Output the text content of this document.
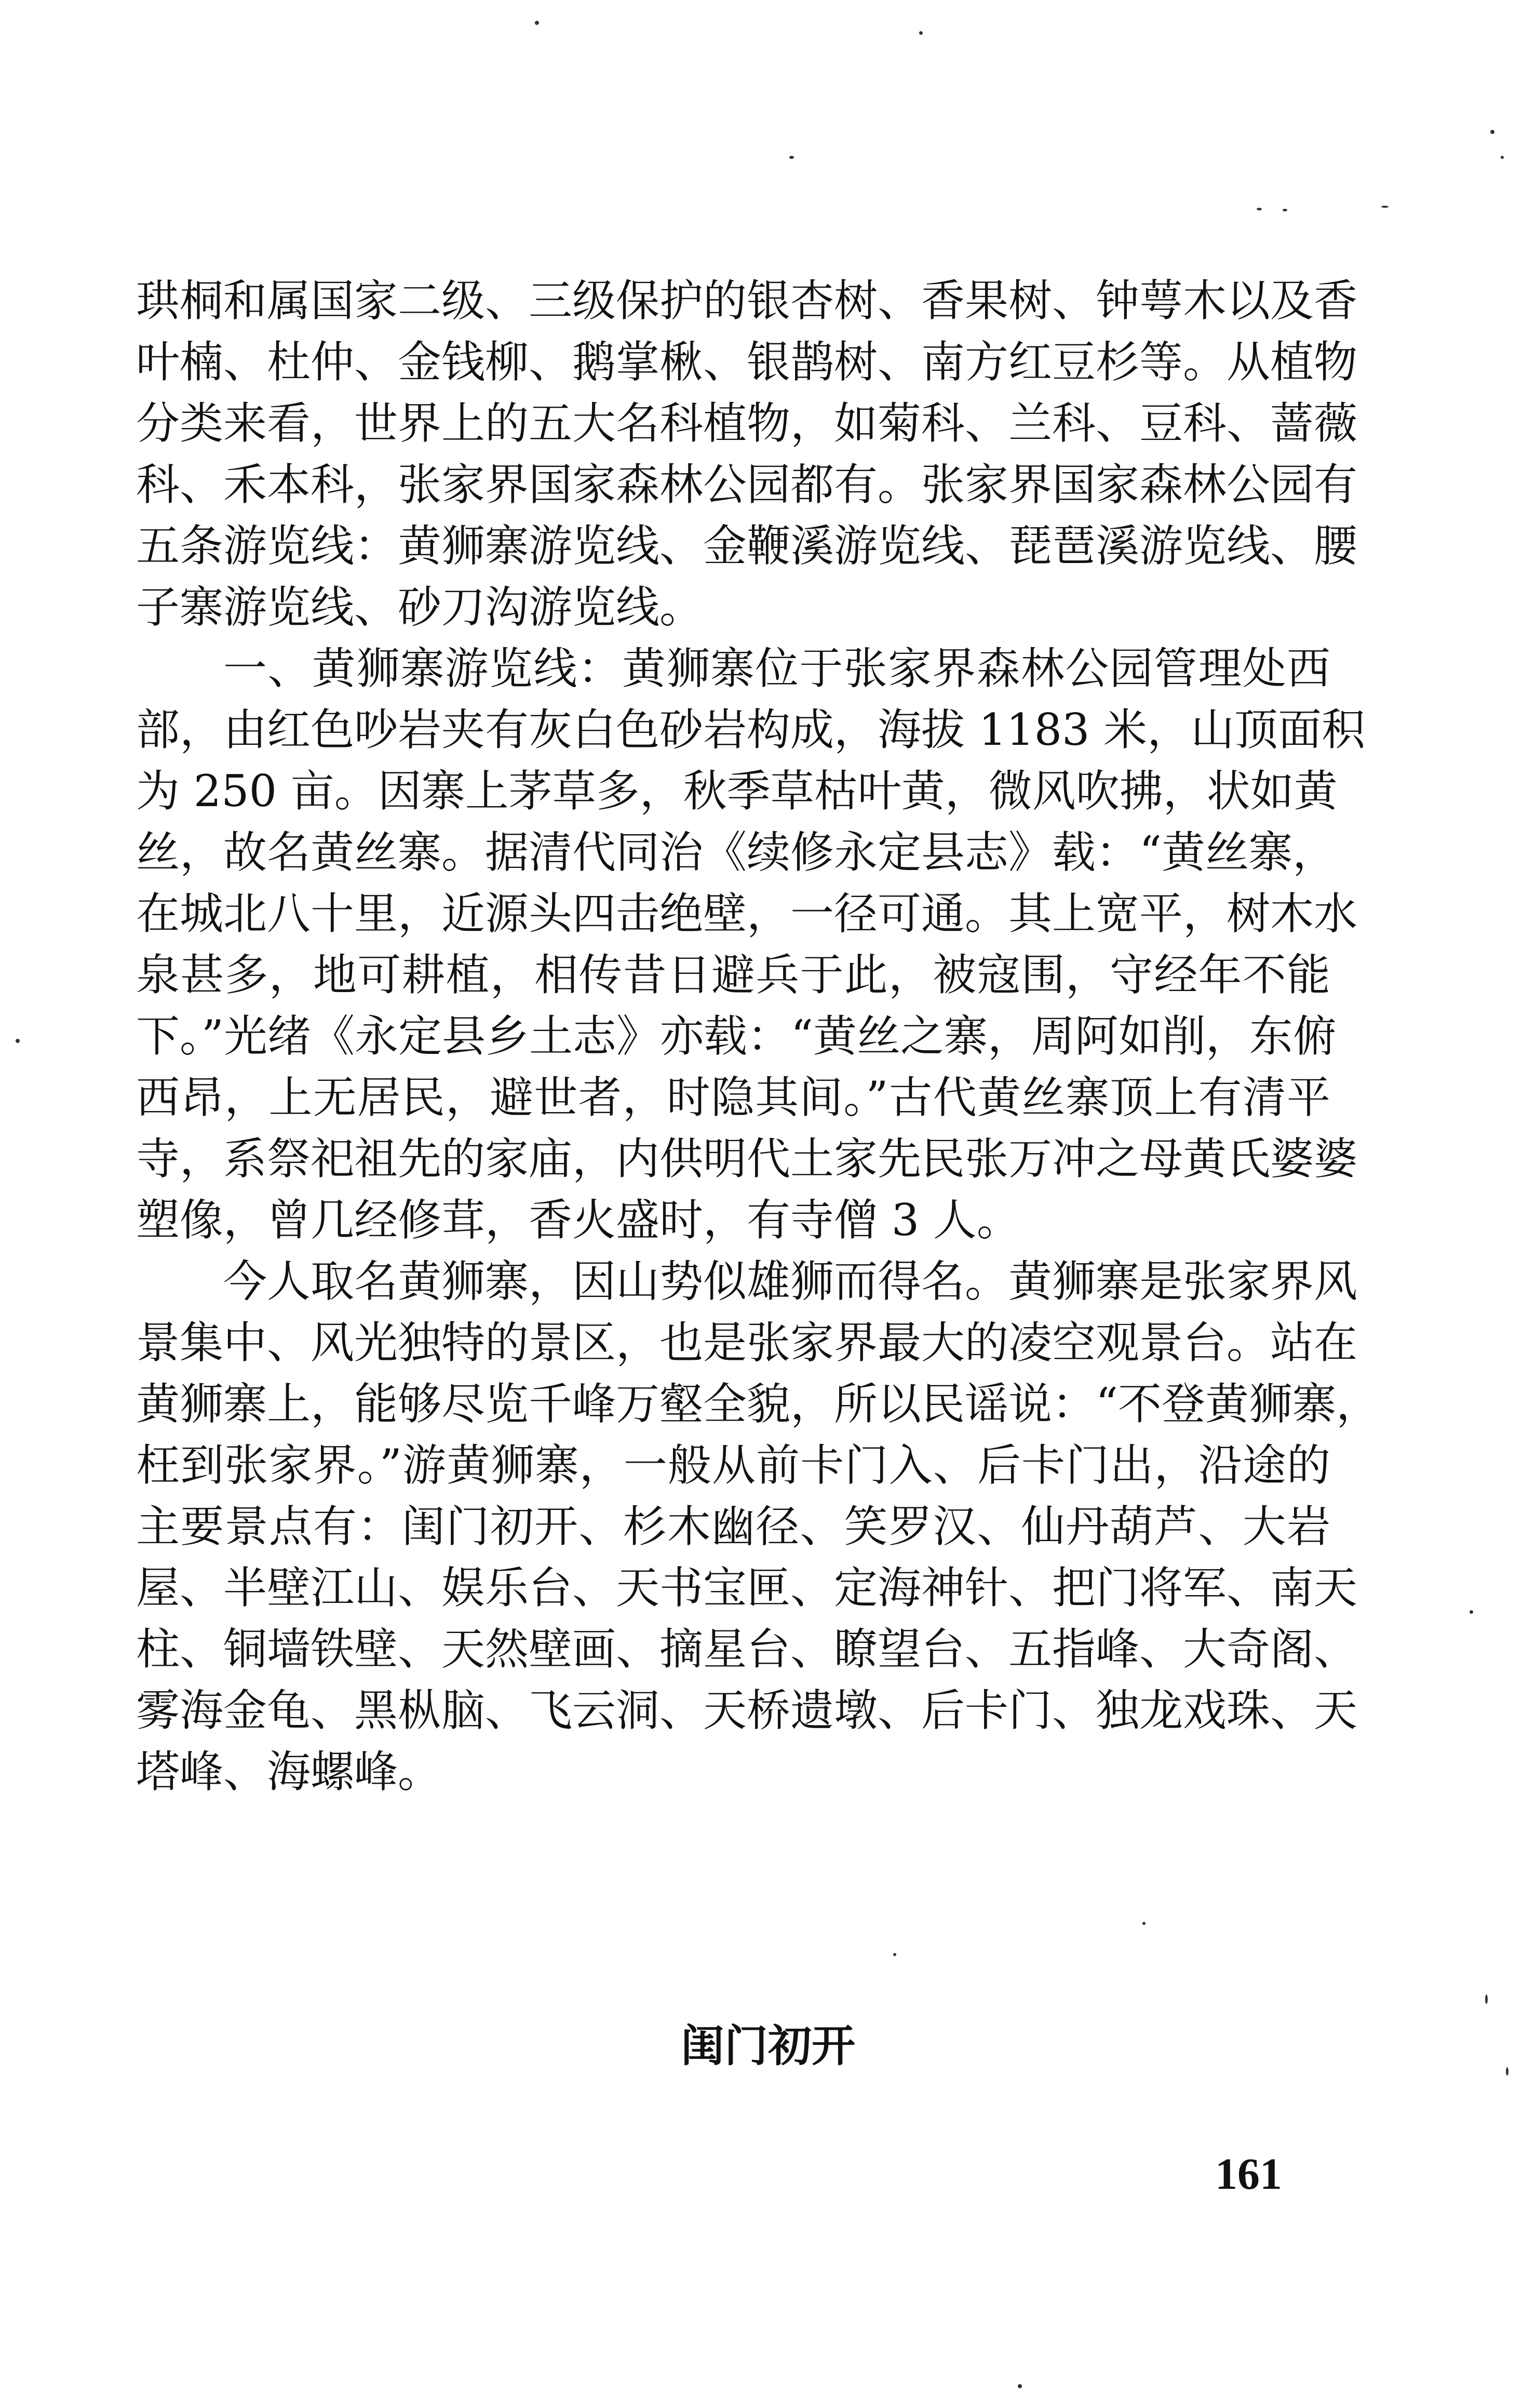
珙桐和属国家二级、三级保护的银杏树、香果树、钟萼木以及香
叶楠、杜仲、金钱柳、鹅掌楸、银鹊树、南方红豆杉等。从植物
分类来看，世界上的五大名科植物，如菊科、兰科、豆科、蔷薇
科、禾本科，张家界国家森林公园都有。张家界国家森林公园有
五条游览线：黄狮寨游览线、金鞭溪游览线、琵琶溪游览线、腰
子寨游览线、砂刀沟游览线。
一、黄狮寨游览线：黄狮寨位于张家界森林公园管理处西
部，由红色吵岩夹有灰白色砂岩构成，海拔 1183 米，山顶面积
为 250 亩。因寨上茅草多，秋季草枯叶黄，微风吹拂，状如黄
丝，故名黄丝寨。据清代同治《续修永定县志》载：“黄丝寨，
在城北八十里，近源头四击绝壁，一径可通。其上宽平，树木水
泉甚多，地可耕植，相传昔日避兵于此，被寇围，守经年不能
下。”光绪《永定县乡土志》亦载：“黄丝之寨，周阿如削，东俯
西昂，上无居民，避世者，时隐其间。”古代黄丝寨顶上有清平
寺，系祭祀祖先的家庙，内供明代土家先民张万冲之母黄氏婆婆
塑像，曾几经修茸，香火盛时，有寺僧 3 人。
今人取名黄狮寨，因山势似雄狮而得名。黄狮寨是张家界风
景集中、风光独特的景区，也是张家界最大的凌空观景台。站在
黄狮寨上，能够尽览千峰万壑全貌，所以民谣说：“不登黄狮寨，
枉到张家界。”游黄狮寨，一般从前卡门入、后卡门出，沿途的
主要景点有：闺门初开、杉木幽径、笑罗汉、仙丹葫芦、大岩
屋、半壁江山、娱乐台、天书宝匣、定海神针、把门将军、南天
柱、铜墙铁壁、天然壁画、摘星台、瞭望台、五指峰、大奇阁、
雾海金龟、黑枞脑、飞云洞、天桥遗墩、后卡门、独龙戏珠、天
塔峰、海螺峰。
闺门初开
161
